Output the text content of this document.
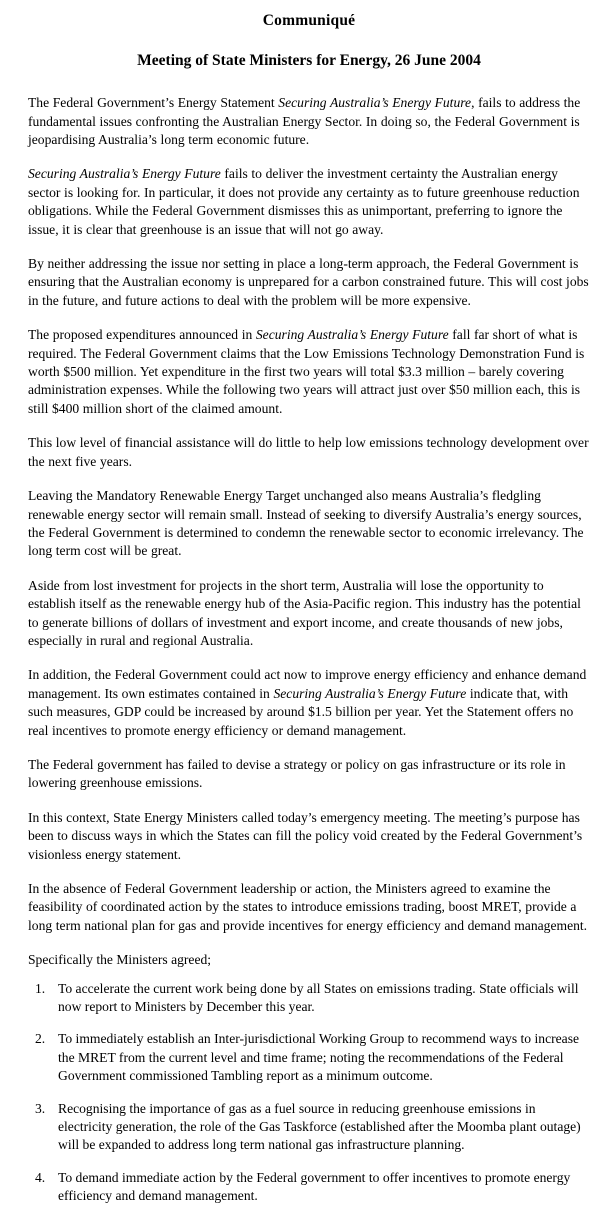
Communiqué
Meeting of State Ministers for Energy, 26 June 2004

The Federal Government’s Energy Statement Securing Australia’s Energy Future, fails to address the fundamental issues confronting the Australian Energy Sector. In doing so, the Federal Government is jeopardising Australia’s long term economic future.

Securing Australia’s Energy Future fails to deliver the investment certainty the Australian energy sector is looking for. In particular, it does not provide any certainty as to future greenhouse reduction obligations. While the Federal Government dismisses this as unimportant, preferring to ignore the issue, it is clear that greenhouse is an issue that will not go away.

By neither addressing the issue nor setting in place a long-term approach, the Federal Government is ensuring that the Australian economy is unprepared for a carbon constrained future. This will cost jobs in the future, and future actions to deal with the problem will be more expensive.

The proposed expenditures announced in Securing Australia’s Energy Future fall far short of what is required. The Federal Government claims that the Low Emissions Technology Demonstration Fund is worth $500 million. Yet expenditure in the first two years will total $3.3 million – barely covering administration expenses. While the following two years will attract just over $50 million each, this is still $400 million short of the claimed amount.

This low level of financial assistance will do little to help low emissions technology development over the next five years.

Leaving the Mandatory Renewable Energy Target unchanged also means Australia’s fledgling renewable energy sector will remain small. Instead of seeking to diversify Australia’s energy sources, the Federal Government is determined to condemn the renewable sector to economic irrelevancy. The long term cost will be great.

Aside from lost investment for projects in the short term, Australia will lose the opportunity to establish itself as the renewable energy hub of the Asia-Pacific region. This industry has the potential to generate billions of dollars of investment and export income, and create thousands of new jobs, especially in rural and regional Australia.

In addition, the Federal Government could act now to improve energy efficiency and enhance demand management. Its own estimates contained in Securing Australia’s Energy Future indicate that, with such measures, GDP could be increased by around $1.5 billion per year. Yet the Statement offers no real incentives to promote energy efficiency or demand management.

The Federal government has failed to devise a strategy or policy on gas infrastructure or its role in lowering greenhouse emissions.

In this context, State Energy Ministers called today’s emergency meeting. The meeting’s purpose has been to discuss ways in which the States can fill the policy void created by the Federal Government’s visionless energy statement.

In the absence of Federal Government leadership or action, the Ministers agreed to examine the feasibility of coordinated action by the states to introduce emissions trading, boost MRET, provide a long term national plan for gas and provide incentives for energy efficiency and demand management.

Specifically the Ministers agreed;
1. To accelerate the current work being done by all States on emissions trading. State officials will now report to Ministers by December this year.
2. To immediately establish an Inter-jurisdictional Working Group to recommend ways to increase the MRET from the current level and time frame; noting the recommendations of the Federal Government commissioned Tambling report as a minimum outcome.
3. Recognising the importance of gas as a fuel source in reducing greenhouse emissions in electricity generation, the role of the Gas Taskforce (established after the Moomba plant outage) will be expanded to address long term national gas infrastructure planning.
4. To demand immediate action by the Federal government to offer incentives to promote energy efficiency and demand management.
